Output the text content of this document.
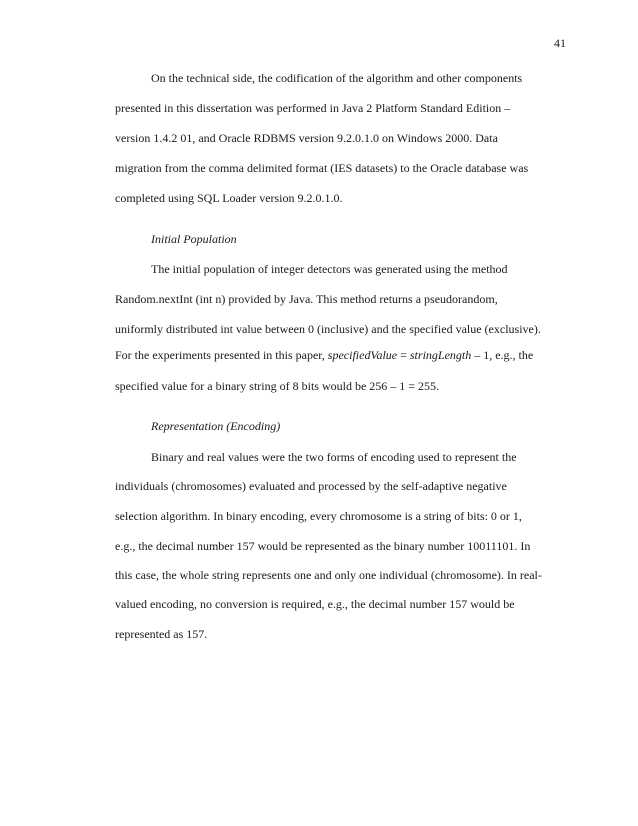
41
On the technical side, the codification of the algorithm and other components
presented in this dissertation was performed in Java 2 Platform Standard Edition –
version 1.4.2 01, and Oracle RDBMS version 9.2.0.1.0 on Windows 2000. Data
migration from the comma delimited format (IES datasets) to the Oracle database was
completed using SQL Loader version 9.2.0.1.0.
Initial Population
The initial population of integer detectors was generated using the method
Random.nextInt (int n) provided by Java. This method returns a pseudorandom,
uniformly distributed int value between 0 (inclusive) and the specified value (exclusive).
For the experiments presented in this paper, specifiedValue = stringLength – 1, e.g., the
specified value for a binary string of 8 bits would be 256 – 1 = 255.
Representation (Encoding)
Binary and real values were the two forms of encoding used to represent the
individuals (chromosomes) evaluated and processed by the self-adaptive negative
selection algorithm. In binary encoding, every chromosome is a string of bits: 0 or 1,
e.g., the decimal number 157 would be represented as the binary number 10011101. In
this case, the whole string represents one and only one individual (chromosome). In real-
valued encoding, no conversion is required, e.g., the decimal number 157 would be
represented as 157.
